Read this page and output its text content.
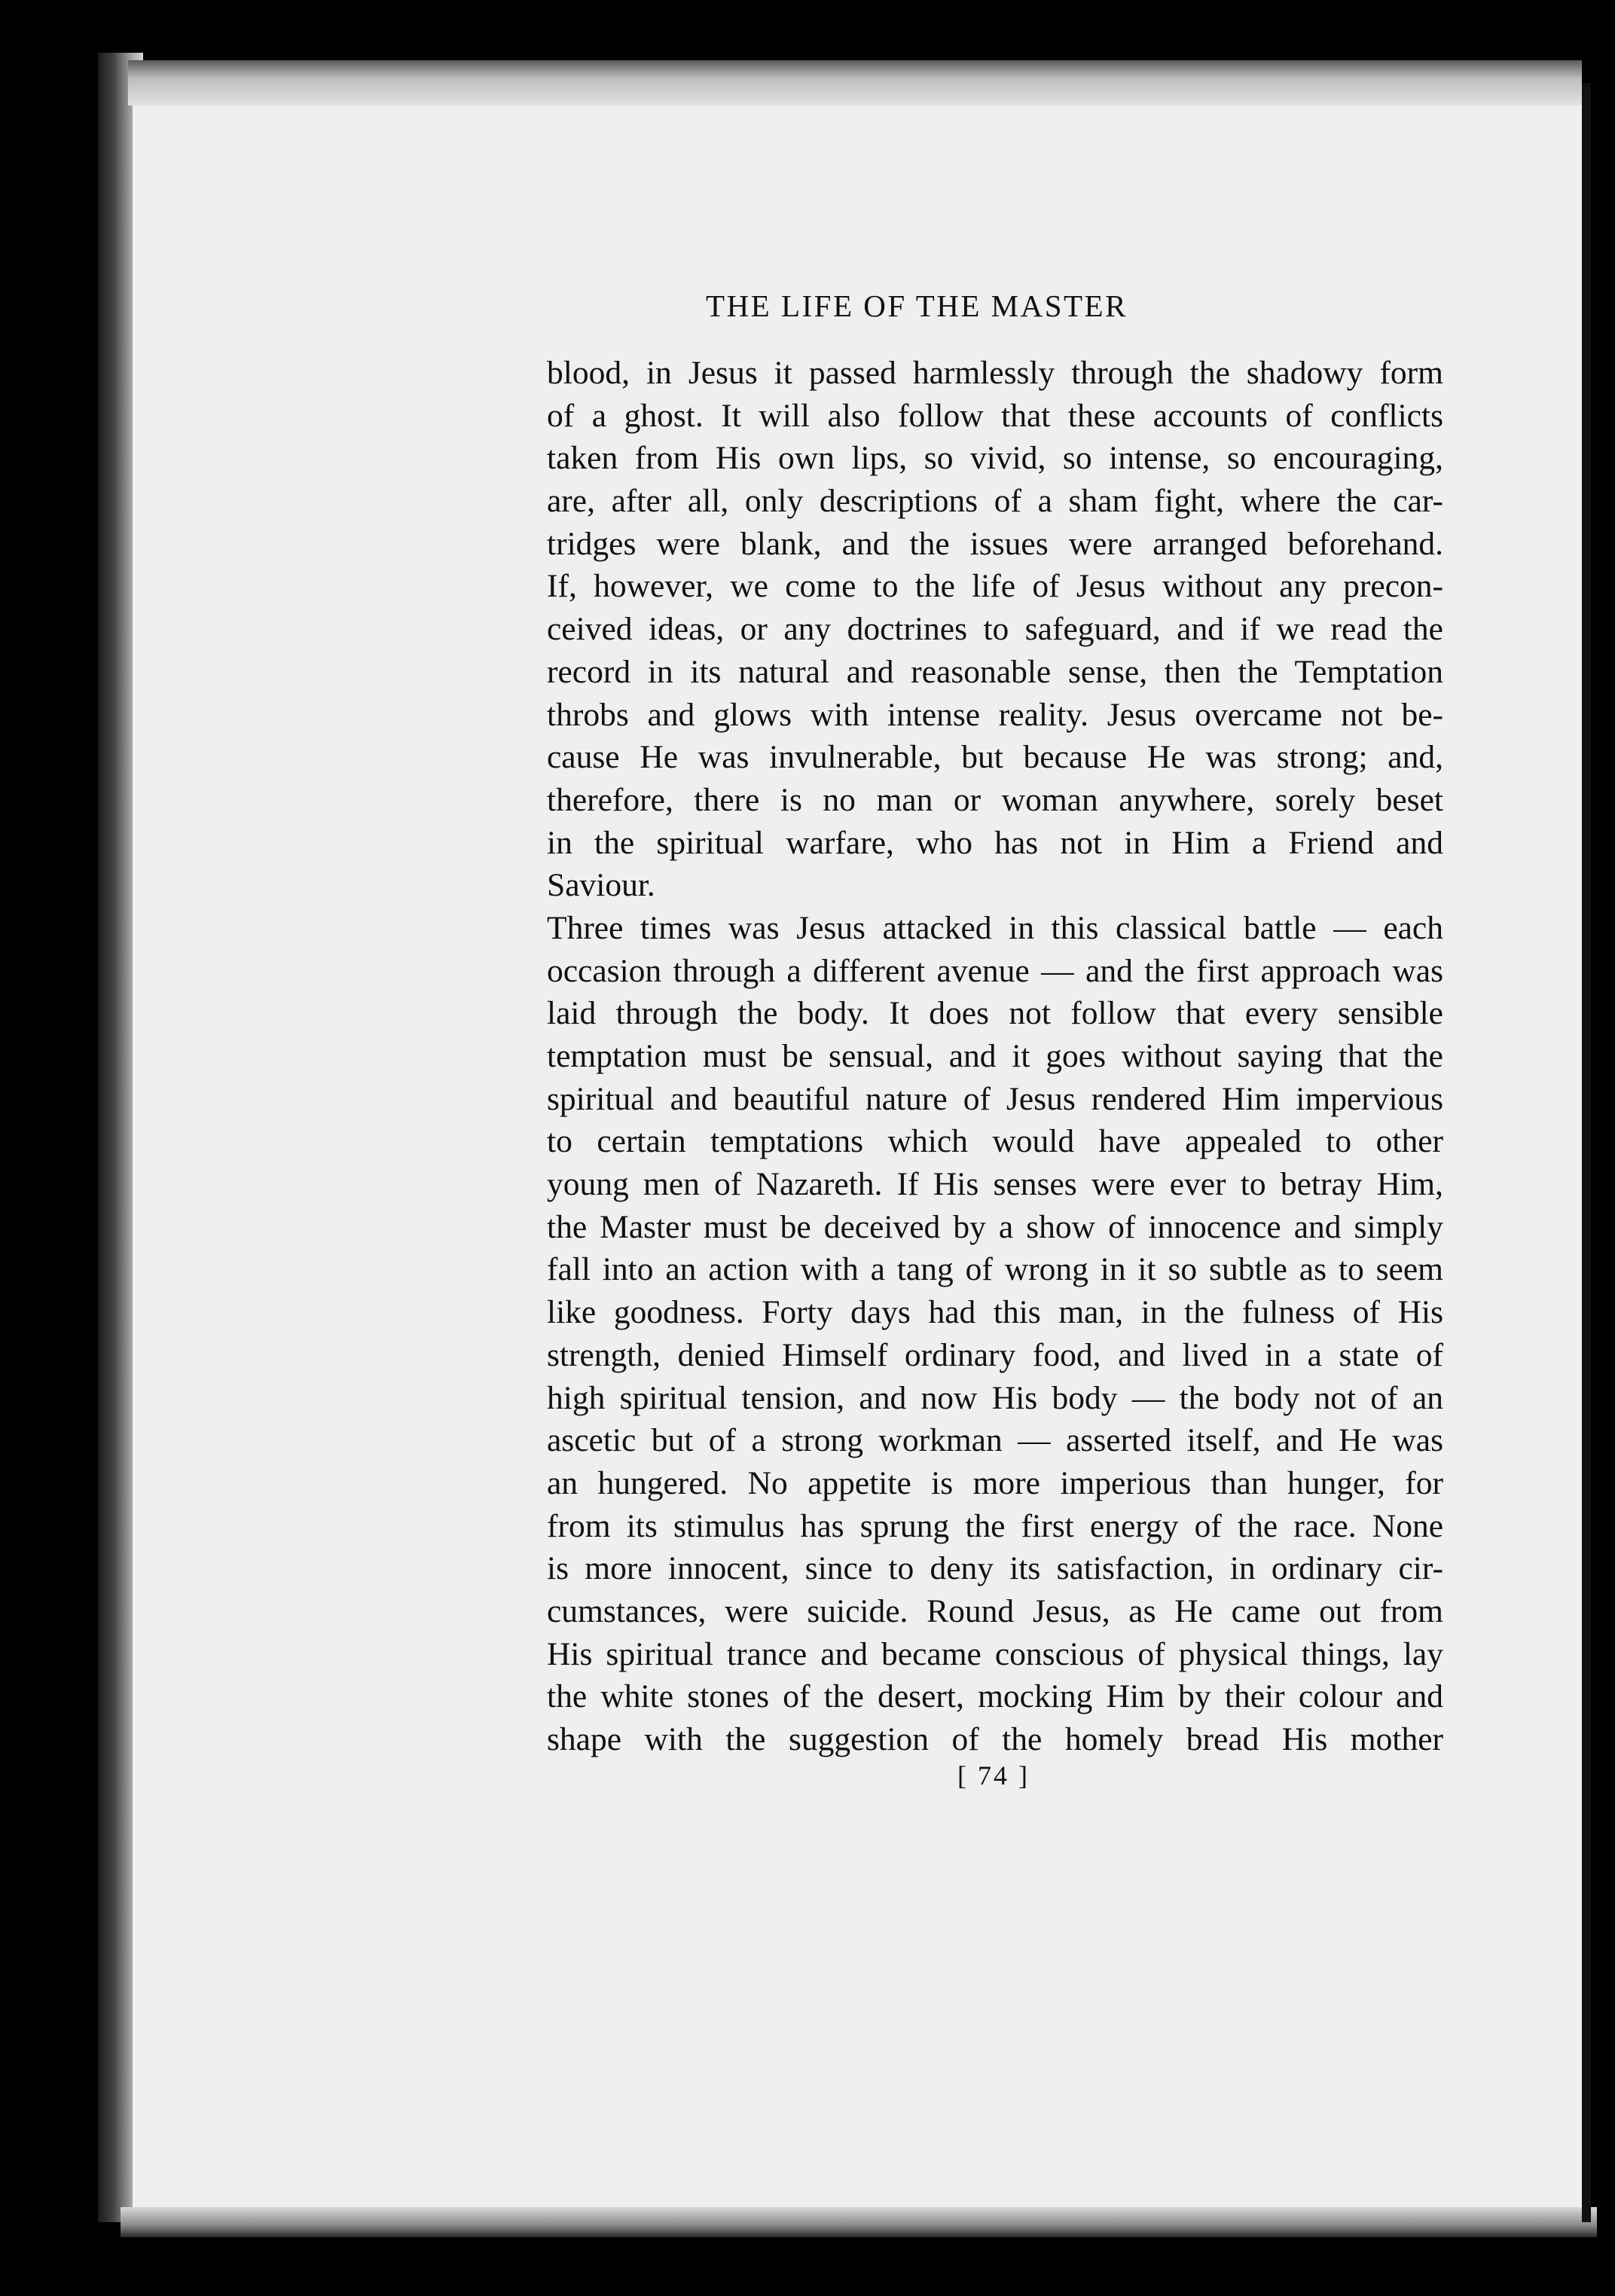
THE LIFE OF THE MASTER
blood, in Jesus it passed harmlessly through the shadowy form
of a ghost. It will also follow that these accounts of conflicts
taken from His own lips, so vivid, so intense, so encouraging,
are, after all, only descriptions of a sham fight, where the car-
tridges were blank, and the issues were arranged beforehand.
If, however, we come to the life of Jesus without any precon-
ceived ideas, or any doctrines to safeguard, and if we read the
record in its natural and reasonable sense, then the Temptation
throbs and glows with intense reality. Jesus overcame not be-
cause He was invulnerable, but because He was strong; and,
therefore, there is no man or woman anywhere, sorely beset
in the spiritual warfare, who has not in Him a Friend and
Saviour.
Three times was Jesus attacked in this classical battle — each
occasion through a different avenue — and the first approach was
laid through the body. It does not follow that every sensible
temptation must be sensual, and it goes without saying that the
spiritual and beautiful nature of Jesus rendered Him impervious
to certain temptations which would have appealed to other
young men of Nazareth. If His senses were ever to betray Him,
the Master must be deceived by a show of innocence and simply
fall into an action with a tang of wrong in it so subtle as to seem
like goodness. Forty days had this man, in the fulness of His
strength, denied Himself ordinary food, and lived in a state of
high spiritual tension, and now His body — the body not of an
ascetic but of a strong workman — asserted itself, and He was
an hungered. No appetite is more imperious than hunger, for
from its stimulus has sprung the first energy of the race. None
is more innocent, since to deny its satisfaction, in ordinary cir-
cumstances, were suicide. Round Jesus, as He came out from
His spiritual trance and became conscious of physical things, lay
the white stones of the desert, mocking Him by their colour and
shape with the suggestion of the homely bread His mother
[ 74 ]
